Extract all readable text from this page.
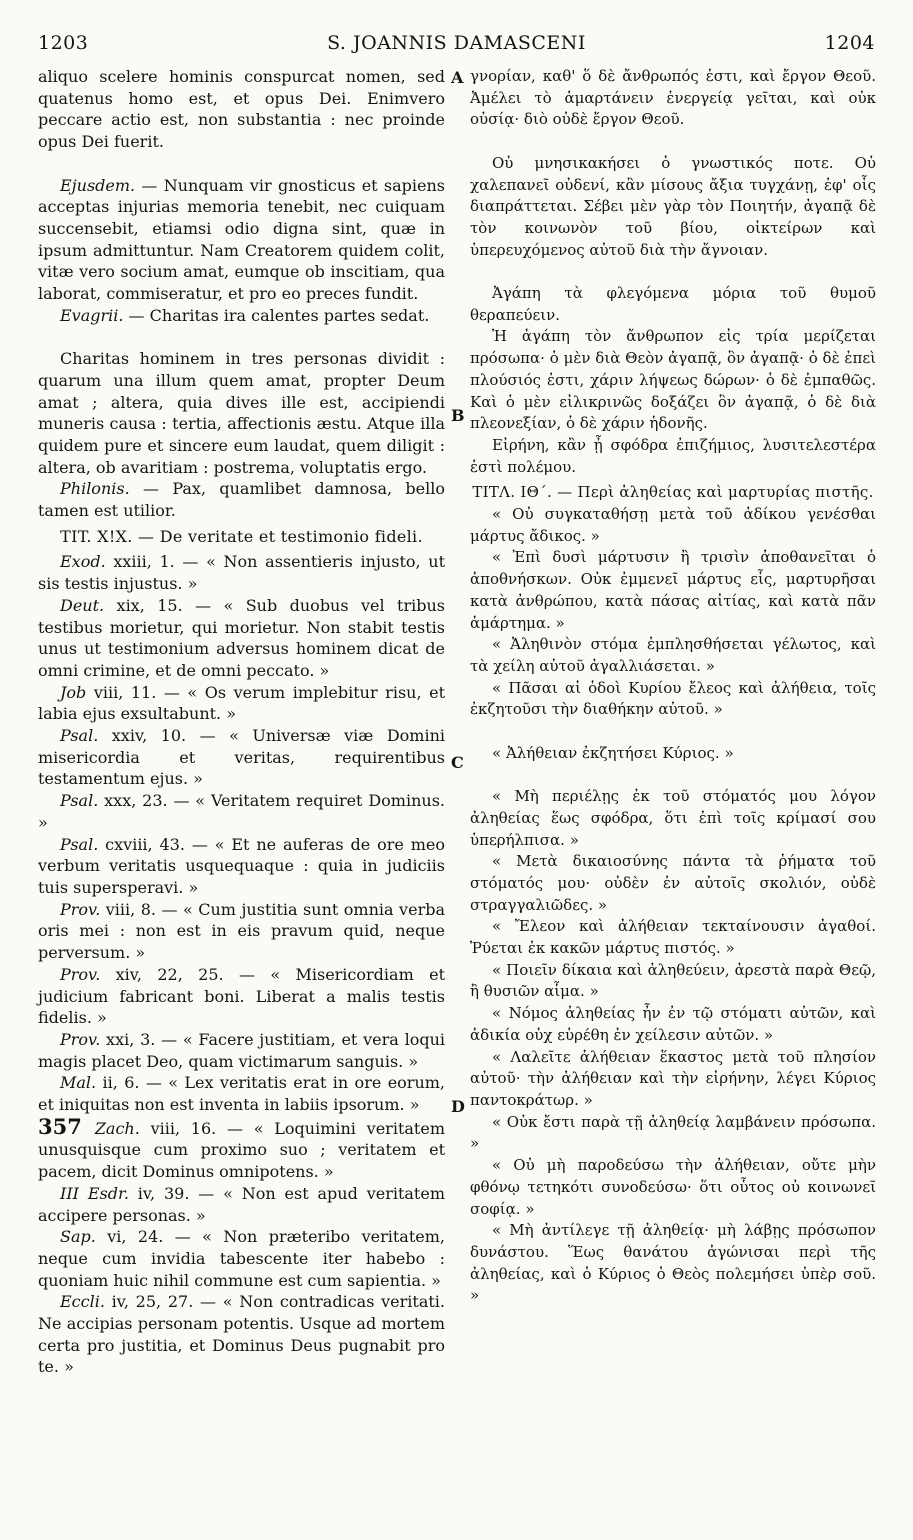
1203	S. JOANNIS DAMASCENI	1204
A
B
C
D

aliquo scelere hominis conspurcat nomen, sed quatenus homo est, et opus Dei. Enimvero peccare actio est, non substantia : nec proinde opus Dei fuerit.

Ejusdem. — Nunquam vir gnosticus et sapiens acceptas injurias memoria tenebit, nec cuiquam succensebit, etiamsi odio digna sint, quæ in ipsum admittuntur. Nam Creatorem quidem colit, vitæ vero socium amat, eumque ob inscitiam, qua laborat, commiseratur, et pro eo preces fundit.

Evagrii. — Charitas ira calentes partes sedat.

Charitas hominem in tres personas dividit : quarum una illum quem amat, propter Deum amat ; altera, quia dives ille est, accipiendi muneris causa : tertia, affectionis æstu. Atque illa quidem pure et sincere eum laudat, quem diligit : altera, ob avaritiam : postrema, voluptatis ergo.

Philonis. — Pax, quamlibet damnosa, bello tamen est utilior.

TIT. X!X. — De veritate et testimonio fideli.

Exod. xxiii, 1. — « Non assentieris injusto, ut sis testis injustus. »

Deut. xix, 15. — « Sub duobus vel tribus testibus morietur, qui morietur. Non stabit testis unus ut testimonium adversus hominem dicat de omni crimine, et de omni peccato. »

Job viii, 11. — « Os verum implebitur risu, et labia ejus exsultabunt. »

Psal. xxiv, 10. — « Universæ viæ Domini misericordia et veritas, requirentibus testamentum ejus. »

Psal. xxx, 23. — « Veritatem requiret Dominus. »

Psal. cxviii, 43. — « Et ne auferas de ore meo verbum veritatis usquequaque : quia in judiciis tuis supersperavi. »

Prov. viii, 8. — « Cum justitia sunt omnia verba oris mei : non est in eis pravum quid, neque perversum. »

Prov. xiv, 22, 25. — « Misericordiam et judicium fabricant boni. Liberat a malis testis fidelis. »

Prov. xxi, 3. — « Facere justitiam, et vera loqui magis placet Deo, quam victimarum sanguis. »

Mal. ii, 6. — « Lex veritatis erat in ore eorum, et iniquitas non est inventa in labiis ipsorum. »

357 Zach. viii, 16. — « Loquimini veritatem unusquisque cum proximo suo ; veritatem et pacem, dicit Dominus omnipotens. »

III Esdr. iv, 39. — « Non est apud veritatem accipere personas. »

Sap. vi, 24. — « Non præteribo veritatem, neque cum invidia tabescente iter habebo : quoniam huic nihil commune est cum sapientia. »

Eccli. iv, 25, 27. — « Non contradicas veritati. Ne accipias personam potentis. Usque ad mortem certa pro justitia, et Dominus Deus pugnabit pro te. »

γνορίαν, καθ' ὅ δὲ ἄνθρωπός ἐστι, καὶ ἔργον Θεοῦ. Ἀμέλει τὸ ἁμαρτάνειν ἐνεργείᾳ γεῖται, καὶ οὐκ οὐσίᾳ· διὸ οὐδὲ ἔργον Θεοῦ.

Οὐ μνησικακήσει ὁ γνωστικός ποτε. Οὐ χαλεπανεῖ οὐδενί, κἂν μίσους ἄξια τυγχάνῃ, ἐφ' οἷς διαπράττεται. Σέβει μὲν γὰρ τὸν Ποιητήν, ἀγαπᾷ δὲ τὸν κοινωνὸν τοῦ βίου, οἰκτείρων καὶ ὑπερευχόμενος αὐτοῦ διὰ τὴν ἄγνοιαν.

Ἀγάπη τὰ φλεγόμενα μόρια τοῦ θυμοῦ θεραπεύειν.

Ἡ ἀγάπη τὸν ἄνθρωπον εἰς τρία μερίζεται πρόσωπα· ὁ μὲν διὰ Θεὸν ἀγαπᾷ, ὃν ἀγαπᾷ· ὁ δὲ ἐπεὶ πλούσιός ἐστι, χάριν λήψεως δώρων· ὁ δὲ ἐμπαθῶς. Καὶ ὁ μὲν εἰλικρινῶς δοξάζει ὃν ἀγαπᾷ, ὁ δὲ διὰ πλεονεξίαν, ὁ δὲ χάριν ἡδονῆς.

Εἰρήνη, κἂν ᾖ σφόδρα ἐπιζήμιος, λυσιτελεστέρα ἐστὶ πολέμου.

ΤΙΤΛ. ΙΘ΄. — Περὶ ἀληθείας καὶ μαρτυρίας πιστῆς.

« Οὐ συγκαταθήσῃ μετὰ τοῦ ἀδίκου γενέσθαι μάρτυς ἄδικος. »

« Ἐπὶ δυσὶ μάρτυσιν ἢ τρισὶν ἀποθανεῖται ὁ ἀποθνήσκων. Οὐκ ἐμμενεῖ μάρτυς εἷς, μαρτυρῆσαι κατὰ ἀνθρώπου, κατὰ πάσας αἰτίας, καὶ κατὰ πᾶν ἁμάρτημα. »

« Ἀληθινὸν στόμα ἐμπλησθήσεται γέλωτος, καὶ τὰ χείλη αὐτοῦ ἀγαλλιάσεται. »

« Πᾶσαι αἱ ὁδοὶ Κυρίου ἔλεος καὶ ἀλήθεια, τοῖς ἐκζητοῦσι τὴν διαθήκην αὐτοῦ. »

« Ἀλήθειαν ἐκζητήσει Κύριος. »

« Μὴ περιέλῃς ἐκ τοῦ στόματός μου λόγον ἀληθείας ἕως σφόδρα, ὅτι ἐπὶ τοῖς κρίμασί σου ὑπερήλπισα. »

« Μετὰ δικαιοσύνης πάντα τὰ ῥήματα τοῦ στόματός μου· οὐδὲν ἐν αὐτοῖς σκολιόν, οὐδὲ στραγγαλιῶδες. »

« Ἔλεον καὶ ἀλήθειαν τεκταίνουσιν ἀγαθοί. Ῥύεται ἐκ κακῶν μάρτυς πιστός. »

« Ποιεῖν δίκαια καὶ ἀληθεύειν, ἀρεστὰ παρὰ Θεῷ, ἢ θυσιῶν αἷμα. »

« Νόμος ἀληθείας ἦν ἐν τῷ στόματι αὐτῶν, καὶ ἀδικία οὐχ εὑρέθη ἐν χείλεσιν αὐτῶν. »

« Λαλεῖτε ἀλήθειαν ἕκαστος μετὰ τοῦ πλησίον αὐτοῦ· τὴν ἀλήθειαν καὶ τὴν εἰρήνην, λέγει Κύριος παντοκράτωρ. »

« Οὐκ ἔστι παρὰ τῇ ἀληθείᾳ λαμβάνειν πρόσωπα. »

« Οὐ μὴ παροδεύσω τὴν ἀλήθειαν, οὔτε μὴν φθόνῳ τετηκότι συνοδεύσω· ὅτι οὗτος οὐ κοινωνεῖ σοφίᾳ. »

« Μὴ ἀντίλεγε τῇ ἀληθείᾳ· μὴ λάβῃς πρόσωπον δυνάστου. Ἕως θανάτου ἀγώνισαι περὶ τῆς ἀληθείας, καὶ ὁ Κύριος ὁ Θεὸς πολεμήσει ὑπὲρ σοῦ. »
